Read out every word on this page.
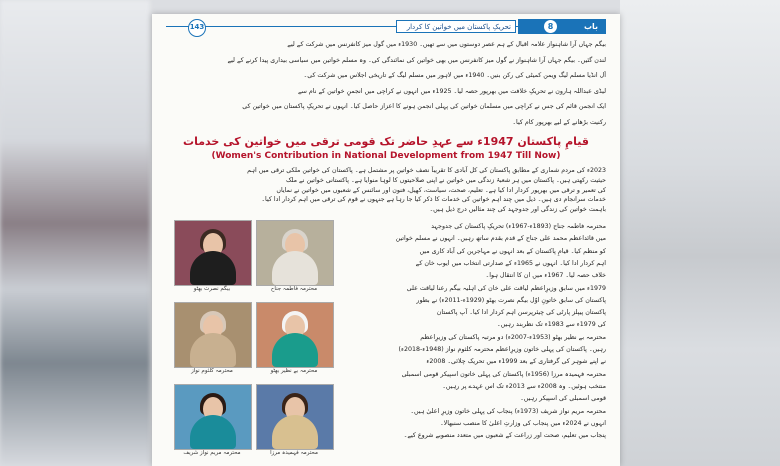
143	تحریکِ پاکستان میں خواتین کا کردار	باب
8
بیگم جہاں آرا شاہنواز علامہ اقبال کے ہم عصر دوستوں میں سے تھیں۔ 1930ء میں گول میز کانفرنس میں شرکت کے لیے
لندن گئیں۔ بیگم جہاں آرا شاہنواز نے گول میز کانفرنس میں بھی خواتین کی نمائندگی کی۔ وہ مسلم خواتین میں سیاسی بیداری پیدا کرنے کے لیے
آل انڈیا مسلم لیگ ویمن کمیٹی کی رکن بنیں۔ 1940ء میں لاہور میں مسلم لیگ کے تاریخی اجلاس میں شرکت کی۔
لیڈی عبداللہ ہارون نے تحریکِ خلافت میں بھرپور حصہ لیا۔ 1925ء میں انہوں نے کراچی میں انجمنِ خواتین کے نام سے
ایک انجمن قائم کی جس نے کراچی میں مسلمان خواتین کی پہلی انجمن ہونے کا اعزاز حاصل کیا۔ انہوں نے تحریکِ پاکستان میں خواتین کی
رکنیت بڑھانے کے لیے بھرپور کام کیا۔
قیامِ پاکستان 1947ء سے عہدِ حاضر تک قومی ترقی میں خواتین کی خدمات
(Women's Contribution in National Development from 1947 Till Now)
2023ء کی مردم شماری کے مطابق پاکستان کی کل آبادی کا تقریباً نصف خواتین پر مشتمل ہے۔ پاکستان کی خواتین ملکی ترقی میں اہم
حیثیت رکھتی ہیں۔ پاکستان میں ہر شعبۂ زندگی میں خواتین نے اپنی صلاحیتوں کا لوہا منوایا ہے۔ پاکستانی خواتین نے ملک
کی تعمیر و ترقی میں بھرپور کردار ادا کیا ہے۔ تعلیم، صحت، سیاست، کھیل، فنون اور سائنس کے شعبوں میں خواتین نے نمایاں
خدمات سرانجام دی ہیں۔ ذیل میں چند اہم خواتین کی خدمات کا ذکر کیا جا رہا ہے جنہوں نے قوم کی ترقی میں اہم کردار ادا کیا۔
باہمت خواتین کی زندگی اور جدوجہد کی چند مثالیں درج ذیل ہیں۔
محترمہ فاطمہ جناح
بیگم نصرت بھٹو
محترمہ بے نظیر بھٹو
محترمہ کلثوم نواز
محترمہ فہمیدہ مرزا
محترمہ مریم نواز شریف
محترمہ فاطمہ جناح (1893ء-1967ء) تحریکِ پاکستان کی جدوجہد
میں قائداعظم محمد علی جناح کے قدم بقدم ساتھ رہیں۔ انہوں نے مسلم خواتین
کو منظم کیا۔ قیامِ پاکستان کے بعد انہوں نے مہاجرین کی آباد کاری میں
اہم کردار ادا کیا۔ انہوں نے 1965ء کے صدارتی انتخاب میں ایوب خان کے
خلاف حصہ لیا۔ 1967ء میں ان کا انتقال ہوا۔
1979ء میں سابق وزیرِاعظم لیاقت علی خان کی اہلیہ بیگم رعنا لیاقت علی
پاکستان کی سابق خاتونِ اوّل بیگم نصرت بھٹو (1929ء-2011ء) نے بطور
پاکستان پیپلز پارٹی کی چیئرپرسن اہم کردار ادا کیا۔ آپ پاکستان
کی 1979ء سے 1983ء تک نظربند رہیں۔
محترمہ بے نظیر بھٹو (1953ء-2007ء) دو مرتبہ پاکستان کی وزیرِاعظم
رہیں۔ پاکستان کی پہلی خاتون وزیرِاعظم محترمہ کلثوم نواز (1948ء-2018ء)
نے اپنے شوہر کی گرفتاری کے بعد 1999ء میں تحریک چلائی۔ 2008ء
محترمہ فہمیدہ مرزا (1956ء) پاکستان کی پہلی خاتون اسپیکر قومی اسمبلی
منتخب ہوئیں۔ وہ 2008ء سے 2013ء تک اس عہدے پر رہیں۔
قومی اسمبلی کی اسپیکر رہیں۔
محترمہ مریم نواز شریف (1973ء) پنجاب کی پہلی خاتون وزیرِ اعلیٰ ہیں۔
انہوں نے 2024ء میں پنجاب کی وزارتِ اعلیٰ کا منصب سنبھالا۔
پنجاب میں تعلیم، صحت اور زراعت کے شعبوں میں متعدد منصوبے شروع کیے۔
